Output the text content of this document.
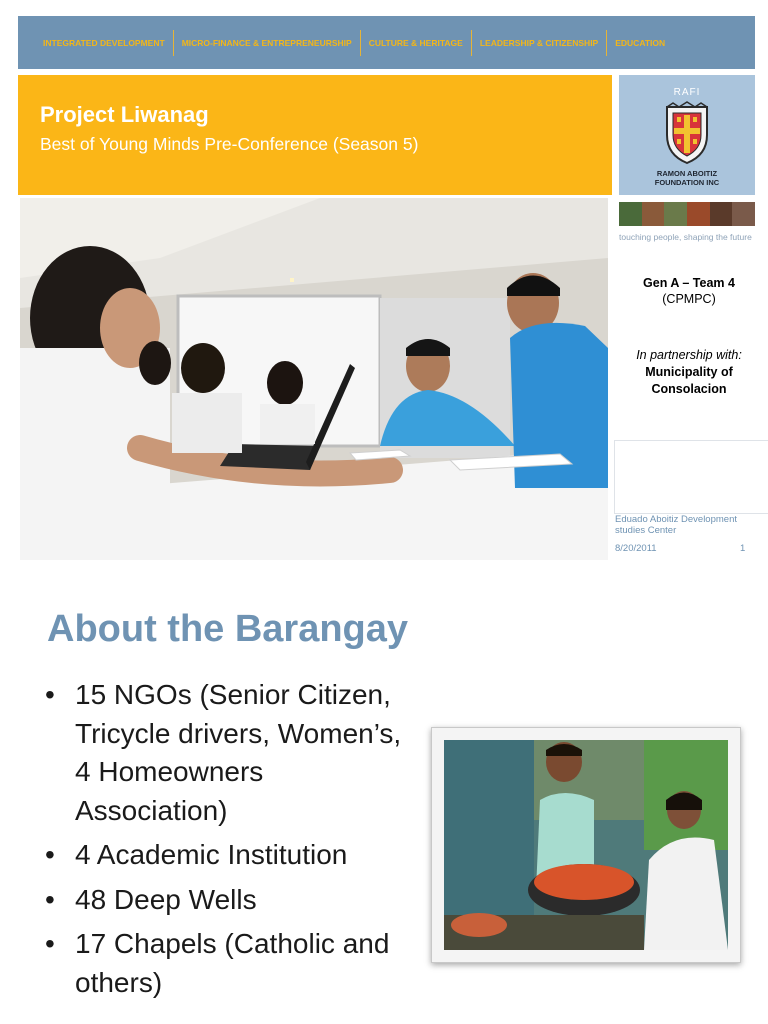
INTEGRATED DEVELOPMENT	MICRO-FINANCE & ENTREPRENEURSHIP	CULTURE & HERITAGE	LEADERSHIP & CITIZENSHIP	EDUCATION
Project Liwanag
Best of Young Minds Pre-Conference (Season 5)
RAFI
RAMON ABOITIZ
FOUNDATION INC
touching people, shaping the future
Gen A – Team 4
(CPMPC)
In partnership with:
Municipality of
Consolacion
Eduado Aboitiz Development
studies Center
8/20/2011	1
About the Barangay
• 15 NGOs (Senior Citizen, Tricycle drivers, Women’s, 4 Homeowners Association)
• 4 Academic Institution
• 48 Deep Wells
• 17 Chapels (Catholic and others)
